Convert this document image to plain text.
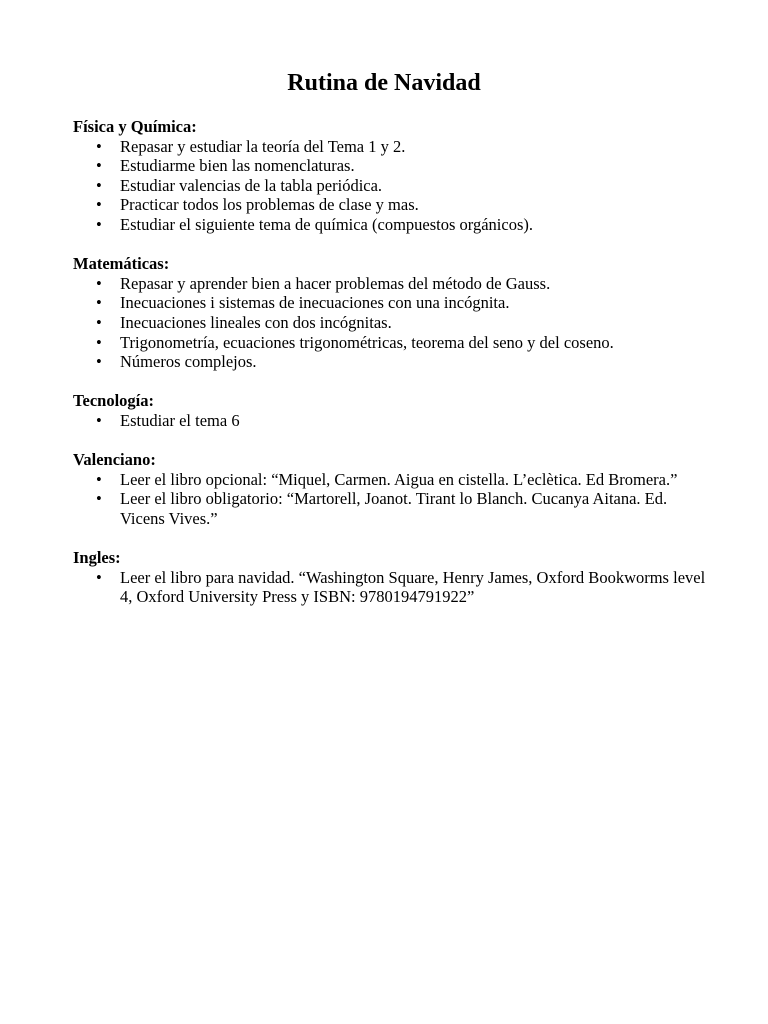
Rutina de Navidad
Física y Química:
• Repasar y estudiar la teoría del Tema 1 y 2.
• Estudiarme bien las nomenclaturas.
• Estudiar valencias de la tabla periódica.
• Practicar todos los problemas de clase y mas.
• Estudiar el siguiente tema de química (compuestos orgánicos).
Matemáticas:
• Repasar y aprender bien a hacer problemas del método de Gauss.
• Inecuaciones i sistemas de inecuaciones con una incógnita.
• Inecuaciones lineales con dos incógnitas.
• Trigonometría, ecuaciones trigonométricas, teorema del seno y del coseno.
• Números complejos.
Tecnología:
• Estudiar el tema 6
Valenciano:
• Leer el libro opcional: “Miquel, Carmen. Aigua en cistella. L’eclètica. Ed Bromera.”
• Leer el libro obligatorio: “Martorell, Joanot. Tirant lo Blanch. Cucanya Aitana. Ed. Vicens Vives.”
Ingles:
• Leer el libro para navidad. “Washington Square, Henry James, Oxford Bookworms level 4, Oxford University Press y ISBN: 9780194791922”
